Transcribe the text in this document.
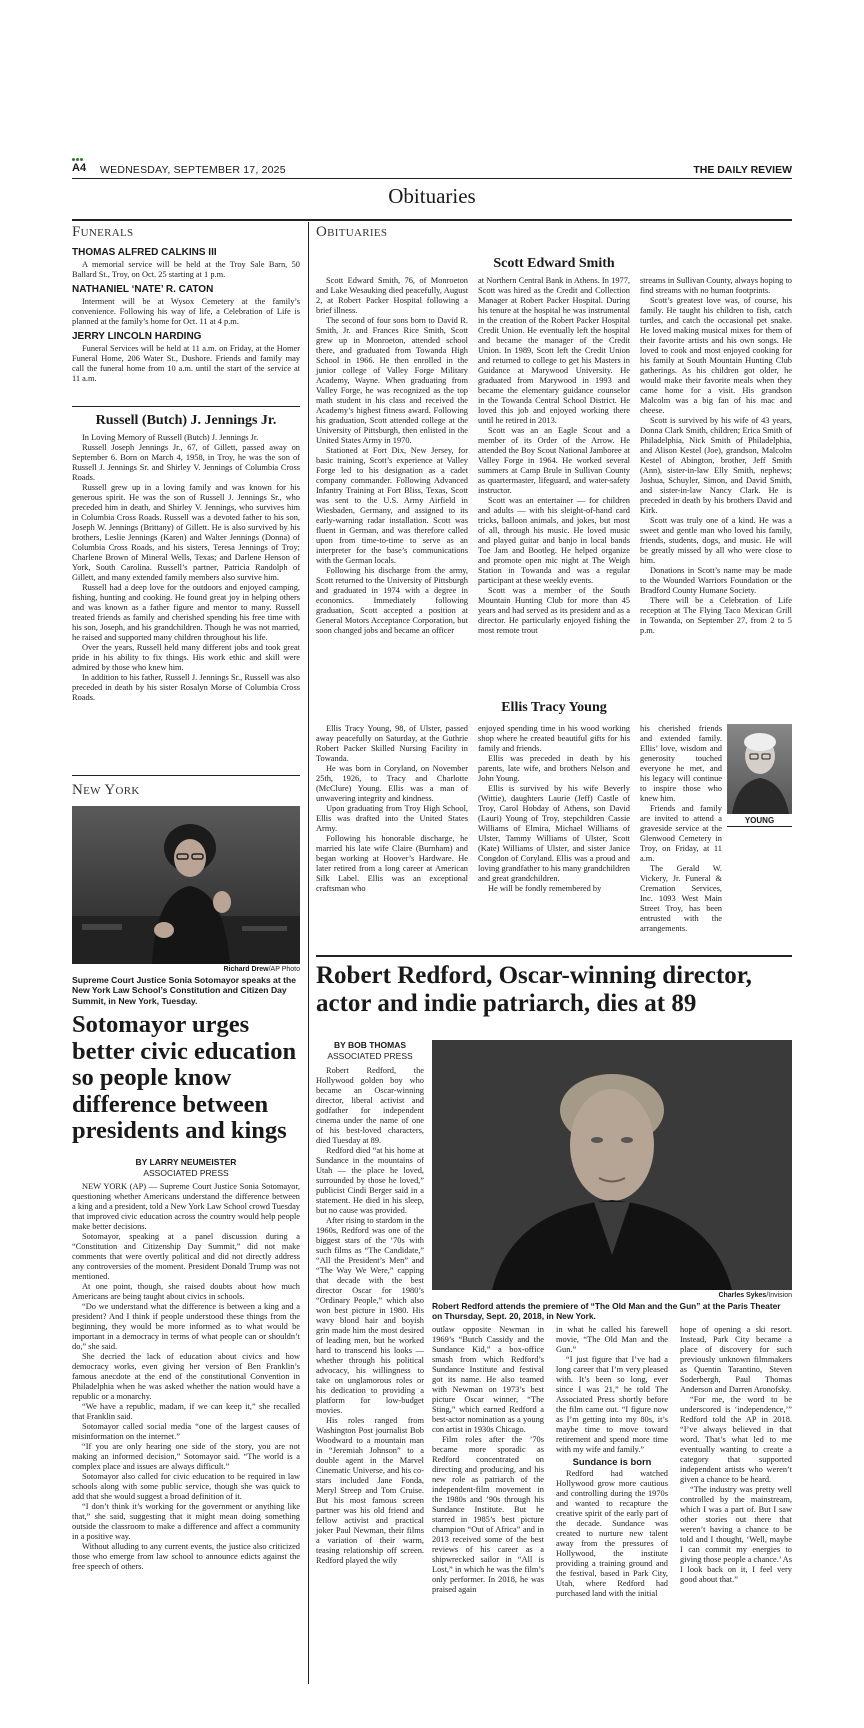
A4 WEDNESDAY, SEPTEMBER 17, 2025	THE DAILY REVIEW
Obituaries
Funerals
THOMAS ALFRED CALKINS III

A memorial service will be held at the Troy Sale Barn, 50 Ballard St., Troy, on Oct. 25 starting at 1 p.m.

NATHANIEL ‘NATE’ R. CATON

Interment will be at Wysox Cemetery at the family’s convenience. Following his way of life, a Celebration of Life is planned at the family’s home for Oct. 11 at 4 p.m.

JERRY LINCOLN HARDING

Funeral Services will be held at 11 a.m. on Friday, at the Homer Funeral Home, 206 Water St., Dushore. Friends and family may call the funeral home from 10 a.m. until the start of the service at 11 a.m.

Russell (Butch) J. Jennings Jr.

In Loving Memory of Russell (Butch) J. Jennings Jr.

Russell Joseph Jennings Jr., 67, of Gillett, passed away on September 6. Born on March 4, 1958, in Troy, he was the son of Russell J. Jennings Sr. and Shirley V. Jennings of Columbia Cross Roads.

Russell grew up in a loving family and was known for his generous spirit. He was the son of Russell J. Jennings Sr., who preceded him in death, and Shirley V. Jennings, who survives him in Columbia Cross Roads. Russell was a devoted father to his son, Joseph W. Jennings (Brittany) of Gillett. He is also survived by his brothers, Leslie Jennings (Karen) and Walter Jennings (Donna) of Columbia Cross Roads, and his sisters, Teresa Jennings of Troy; Charlene Brown of Mineral Wells, Texas; and Darlene Henson of York, South Carolina. Russell’s partner, Patricia Randolph of Gillett, and many extended family members also survive him.

Russell had a deep love for the outdoors and enjoyed camping, fishing, hunting and cooking. He found great joy in helping others and was known as a father figure and mentor to many. Russell treated friends as family and cherished spending his free time with his son, Joseph, and his grandchildren. Though he was not married, he raised and supported many children throughout his life.

Over the years, Russell held many different jobs and took great pride in his ability to fix things. His work ethic and skill were admired by those who knew him.

In addition to his father, Russell J. Jennings Sr., Russell was also preceded in death by his sister Rosalyn Morse of Columbia Cross Roads.

New York
Richard Drew/AP Photo
Supreme Court Justice Sonia Sotomayor speaks at the New York Law School’s Constitution and Citizen Day Summit, in New York, Tuesday.
Sotomayor urges better civic education so people know difference between presidents and kings
BY LARRY NEUMEISTER
ASSOCIATED PRESS

NEW YORK (AP) — Supreme Court Justice Sonia Sotomayor, questioning whether Americans understand the difference between a king and a president, told a New York Law School crowd Tuesday that improved civic education across the country would help people make better decisions.

Sotomayor, speaking at a panel discussion during a “Constitution and Citizenship Day Summit,” did not make comments that were overtly political and did not directly address any controversies of the moment. President Donald Trump was not mentioned.

At one point, though, she raised doubts about how much Americans are being taught about civics in schools.

“Do we understand what the difference is between a king and a president? And I think if people understood these things from the beginning, they would be more informed as to what would be important in a democracy in terms of what people can or shouldn’t do,” she said.

She decried the lack of education about civics and how democracy works, even giving her version of Ben Franklin’s famous anecdote at the end of the constitutional Convention in Philadelphia when he was asked whether the nation would have a republic or a monarchy.

“We have a republic, madam, if we can keep it,” she recalled that Franklin said.

Sotomayor called social media “one of the largest causes of misinformation on the internet.”

“If you are only hearing one side of the story, you are not making an informed decision,” Sotomayor said. “The world is a complex place and issues are always difficult.”

Sotomayor also called for civic education to be required in law schools along with some public service, though she was quick to add that she would suggest a broad definition of it.

“I don’t think it’s working for the government or anything like that,” she said, suggesting that it might mean doing something outside the classroom to make a difference and affect a community in a positive way.

Without alluding to any current events, the justice also criticized those who emerge from law school to announce edicts against the free speech of others.

Obituaries
Scott Edward Smith

Scott Edward Smith, 76, of Monroeton and Lake Wesauking died peacefully, August 2, at Robert Packer Hospital following a brief illness.

The second of four sons born to David R. Smith, Jr. and Frances Rice Smith, Scott grew up in Monroeton, attended school there, and graduated from Towanda High School in 1966. He then enrolled in the junior college of Valley Forge Military Academy, Wayne. When graduating from Valley Forge, he was recognized as the top math student in his class and received the Academy’s highest fitness award. Following his graduation, Scott attended college at the University of Pittsburgh, then enlisted in the United States Army in 1970.

Stationed at Fort Dix, New Jersey, for basic training, Scott’s experience at Valley Forge led to his designation as a cadet company commander. Following Advanced Infantry Training at Fort Bliss, Texas, Scott was sent to the U.S. Army Airfield in Wiesbaden, Germany, and assigned to its early-warning radar installation. Scott was fluent in German, and was therefore called upon from time-to-time to serve as an interpreter for the base’s communications with the German locals.

Following his discharge from the army, Scott returned to the University of Pittsburgh and graduated in 1974 with a degree in economics. Immediately following graduation, Scott accepted a position at General Motors Acceptance Corporation, but soon changed jobs and became an officer

at Northern Central Bank in Athens. In 1977, Scott was hired as the Credit and Collection Manager at Robert Packer Hospital. During his tenure at the hospital he was instrumental in the creation of the Robert Packer Hospital Credit Union. He eventually left the hospital and became the manager of the Credit Union. In 1989, Scott left the Credit Union and returned to college to get his Masters in Guidance at Marywood University. He graduated from Marywood in 1993 and became the elementary guidance counselor in the Towanda Central School District. He loved this job and enjoyed working there until he retired in 2013.

Scott was an an Eagle Scout and a member of its Order of the Arrow. He attended the Boy Scout National Jamboree at Valley Forge in 1964. He worked several summers at Camp Brule in Sullivan County as quartermaster, lifeguard, and water-safety instructor.

Scott was an entertainer — for children and adults — with his sleight-of-hand card tricks, balloon animals, and jokes, but most of all, through his music. He loved music and played guitar and banjo in local bands Toe Jam and Bootleg. He helped organize and promote open mic night at The Weigh Station in Towanda and was a regular participant at these weekly events.

Scott was a member of the South Mountain Hunting Club for more than 45 years and had served as its president and as a director. He particularly enjoyed fishing the most remote trout

streams in Sullivan County, always hoping to find streams with no human footprints.

Scott’s greatest love was, of course, his family. He taught his children to fish, catch turtles, and catch the occasional pet snake. He loved making musical mixes for them of their favorite artists and his own songs. He loved to cook and most enjoyed cooking for his family at South Mountain Hunting Club gatherings. As his children got older, he would make their favorite meals when they came home for a visit. His grandson Malcolm was a big fan of his mac and cheese.

Scott is survived by his wife of 43 years, Donna Clark Smith, children; Erica Smith of Philadelphia, Nick Smith of Philadelphia, and Alison Kestel (Joe), grandson, Malcolm Kestel of Abington, brother, Jeff Smith (Ann), sister-in-law Elly Smith, nephews; Joshua, Schuyler, Simon, and David Smith, and sister-in-law Nancy Clark. He is preceded in death by his brothers David and Kirk.

Scott was truly one of a kind. He was a sweet and gentle man who loved his family, friends, students, dogs, and music. He will be greatly missed by all who were close to him.

Donations in Scott’s name may be made to the Wounded Warriors Foundation or the Bradford County Humane Society.

There will be a Celebration of Life reception at The Flying Taco Mexican Grill in Towanda, on September 27, from 2 to 5 p.m.

Ellis Tracy Young

Ellis Tracy Young, 98, of Ulster, passed away peacefully on Saturday, at the Guthrie Robert Packer Skilled Nursing Facility in Towanda.

He was born in Coryland, on November 25th, 1926, to Tracy and Charlotte (McClure) Young. Ellis was a man of unwavering integrity and kindness.

Upon graduating from Troy High School, Ellis was drafted into the United States Army.

Following his honorable discharge, he married his late wife Claire (Burnham) and began working at Hoover’s Hardware. He later retired from a long career at American Silk Label. Ellis was an exceptional craftsman who

enjoyed spending time in his wood working shop where he created beautiful gifts for his family and friends.

Ellis was preceded in death by his parents, late wife, and brothers Nelson and John Young.

Ellis is survived by his wife Beverly (Wittie), daughters Laurie (Jeff) Castle of Troy, Carol Hobday of Athens, son David (Lauri) Young of Troy, stepchildren Cassie Williams of Elmira, Michael Williams of Ulster, Tammy Williams of Ulster, Scott (Kate) Williams of Ulster, and sister Janice Congdon of Coryland. Ellis was a proud and loving grandfather to his many grandchildren and great grandchildren.

He will be fondly remembered by

YOUNG

his cherished friends and extended family. Ellis’ love, wisdom and generosity touched everyone he met, and his legacy will continue to inspire those who knew him.

Friends and family are invited to attend a graveside service at the Glenwood Cemetery in Troy, on Friday, at 11 a.m.

The Gerald W. Vickery, Jr. Funeral & Cremation Services, Inc. 1093 West Main Street Troy, has been entrusted with the arrangements.

Robert Redford, Oscar-winning director, actor and indie patriarch, dies at 89
BY BOB THOMAS
ASSOCIATED PRESS

Robert Redford, the Hollywood golden boy who became an Oscar-winning director, liberal activist and godfather for independent cinema under the name of one of his best-loved characters, died Tuesday at 89.

Redford died “at his home at Sundance in the mountains of Utah — the place he loved, surrounded by those he loved,” publicist Cindi Berger said in a statement. He died in his sleep, but no cause was provided.

After rising to stardom in the 1960s, Redford was one of the biggest stars of the ’70s with such films as “The Candidate,” “All the President’s Men” and “The Way We Were,” capping that decade with the best director Oscar for 1980’s “Ordinary People,” which also won best picture in 1980. His wavy blond hair and boyish grin made him the most desired of leading men, but he worked hard to transcend his looks — whether through his political advocacy, his willingness to take on unglamorous roles or his dedication to providing a platform for low-budget movies.

His roles ranged from Washington Post journalist Bob Woodward to a mountain man in “Jeremiah Johnson” to a double agent in the Marvel Cinematic Universe, and his co-stars included Jane Fonda, Meryl Streep and Tom Cruise. But his most famous screen partner was his old friend and fellow activist and practical joker Paul Newman, their films a variation of their warm, teasing relationship off screen. Redford played the wily

Charles Sykes/Invision
Robert Redford attends the premiere of “The Old Man and the Gun” at the Paris Theater on Thursday, Sept. 20, 2018, in New York.

outlaw opposite Newman in 1969’s “Butch Cassidy and the Sundance Kid,” a box-office smash from which Redford’s Sundance Institute and festival got its name. He also teamed with Newman on 1973’s best picture Oscar winner, “The Sting,” which earned Redford a best-actor nomination as a young con artist in 1930s Chicago.

Film roles after the ’70s became more sporadic as Redford concentrated on directing and producing, and his new role as patriarch of the independent-film movement in the 1980s and ’90s through his Sundance Institute. But he starred in 1985’s best picture champion “Out of Africa” and in 2013 received some of the best reviews of his career as a shipwrecked sailor in “All is Lost,” in which he was the film’s only performer. In 2018, he was praised again

in what he called his farewell movie, “The Old Man and the Gun.”

“I just figure that I’ve had a long career that I’m very pleased with. It’s been so long, ever since I was 21,” he told The Associated Press shortly before the film came out. “I figure now as I’m getting into my 80s, it’s maybe time to move toward retirement and spend more time with my wife and family.”

Sundance is born

Redford had watched Hollywood grow more cautious and controlling during the 1970s and wanted to recapture the creative spirit of the early part of the decade. Sundance was created to nurture new talent away from the pressures of Hollywood, the institute providing a training ground and the festival, based in Park City, Utah, where Redford had purchased land with the initial

hope of opening a ski resort. Instead, Park City became a place of discovery for such previously unknown filmmakers as Quentin Tarantino, Steven Soderbergh, Paul Thomas Anderson and Darren Aronofsky.

“For me, the word to be underscored is ‘independence,’” Redford told the AP in 2018. “I’ve always believed in that word. That’s what led to me eventually wanting to create a category that supported independent artists who weren’t given a chance to be heard.

“The industry was pretty well controlled by the mainstream, which I was a part of. But I saw other stories out there that weren’t having a chance to be told and I thought, ‘Well, maybe I can commit my energies to giving those people a chance.’ As I look back on it, I feel very good about that.”
